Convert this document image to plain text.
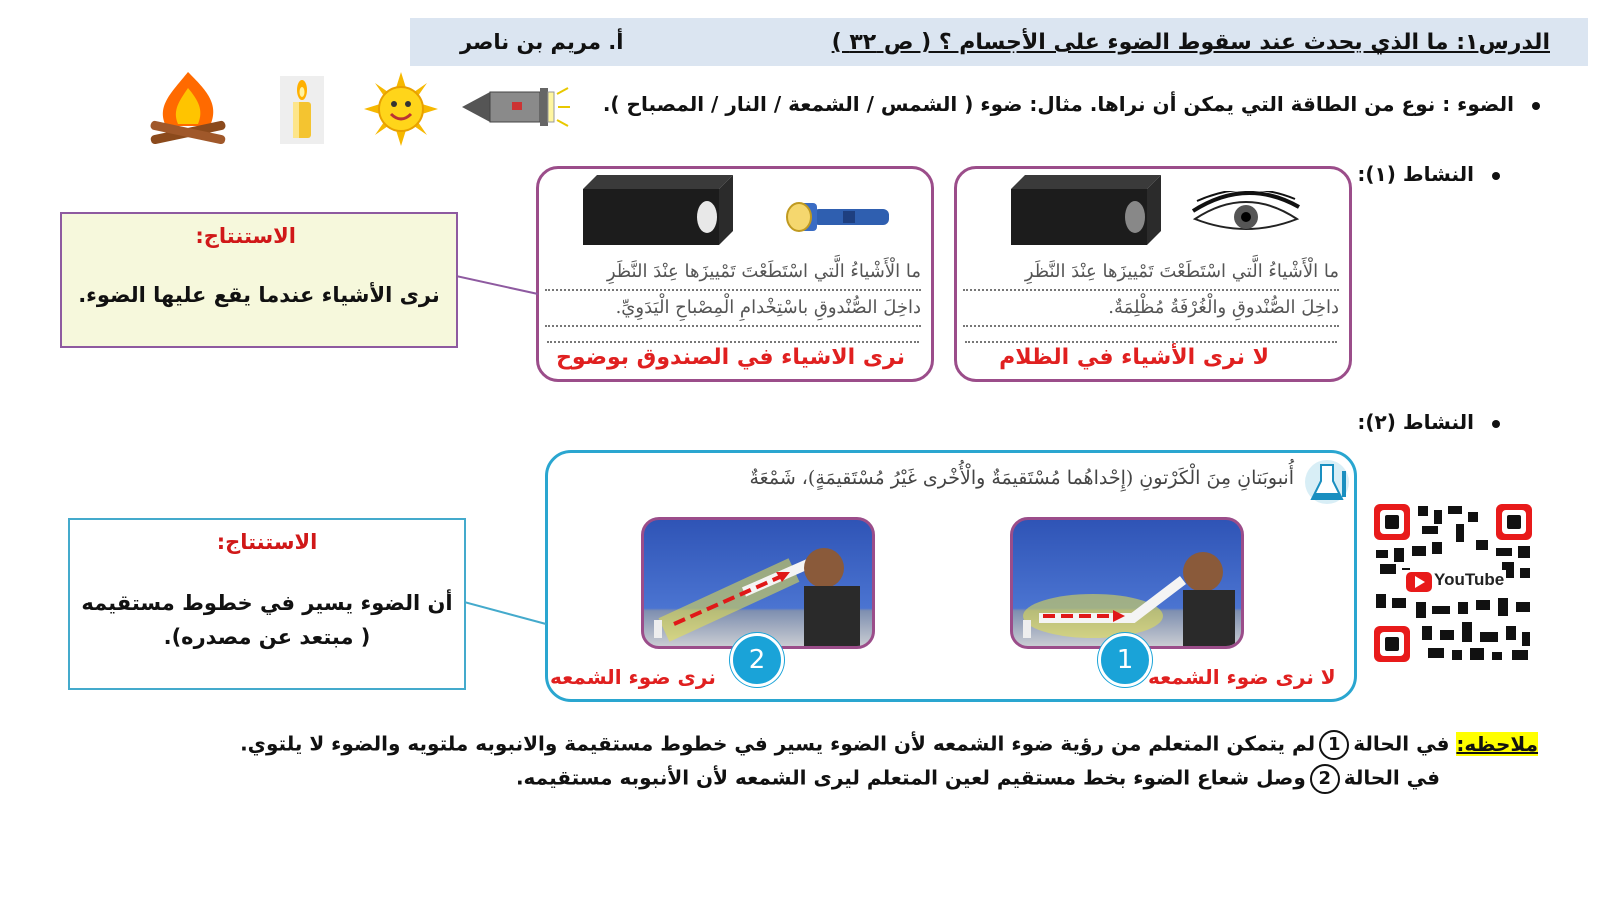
الدرس١: ما الذي يحدث عند سقوط الضوء على الأجسام ؟ ( ص ٣٢ )
أ. مريم بن ناصر
الضوء : نوع من الطاقة التي يمكن أن نراها. مثال: ضوء ( الشمس / الشمعة / النار / المصباح ).
النشاط (١):
ما الْأَشْياءُ الَّتي اسْتَطَعْتَ تَمْييزَها عِنْدَ النَّظَرِ
داخِلَ الصُّنْدوقِ والْغُرْفَةُ مُظْلِمَةٌ.
لا نرى الأشياء في الظلام
ما الْأَشْياءُ الَّتي اسْتَطَعْتَ تَمْييزَها عِنْدَ النَّظَرِ
داخِلَ الصُّنْدوقِ باسْتِخْدامِ الْمِصْباحِ الْيَدَوِيِّ.
نرى الاشياء في الصندوق بوضوح
الاستنتاج:
نرى الأشياء عندما يقع عليها الضوء.
النشاط (٢):
أُنبوبَتانِ مِنَ الْكَرْتونِ (إِحْداهُما مُسْتَقيمَةٌ والْأُخْرى غَيْرُ مُسْتَقيمَةٍ)، شَمْعَةٌ
1
لا نرى ضوء الشمعه
2
نرى ضوء الشمعه
الاستنتاج:
أن الضوء يسير في خطوط مستقيمه
( مبتعد عن مصدره).
YouTube
ملاحظه: في الحالة1لم يتمكن المتعلم من رؤية ضوء الشمعه لأن الضوء يسير في خطوط مستقيمة والانبوبه ملتويه والضوء لا يلتوي.
في الحالة2وصل شعاع الضوء بخط مستقيم لعين المتعلم ليرى الشمعه لأن الأنبوبه مستقيمه.
